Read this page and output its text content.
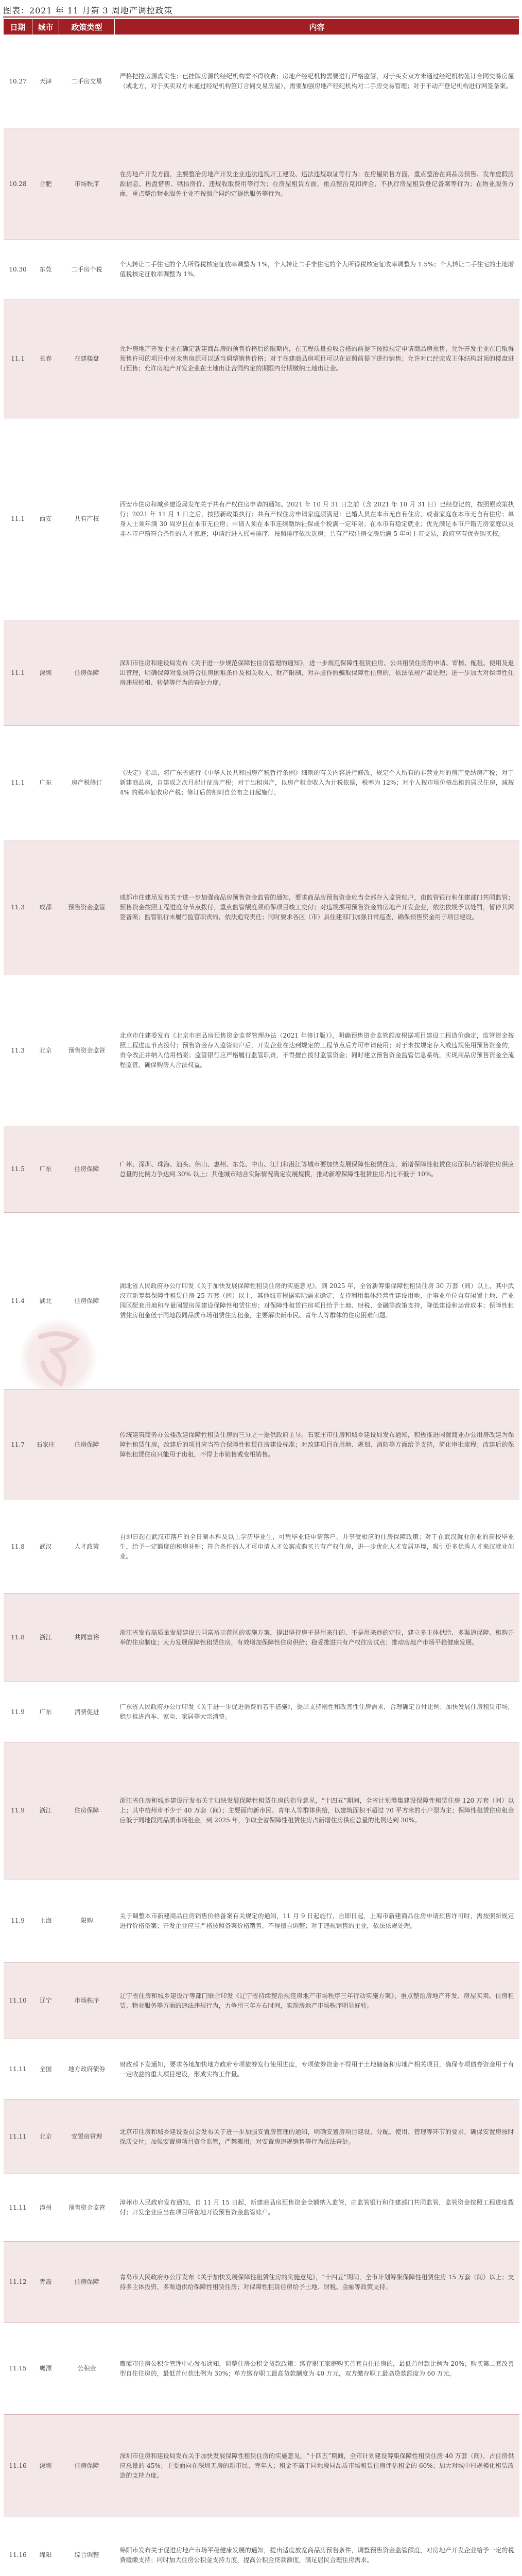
图表：2021 年 11 月第 3 周地产调控政策
日期	城市	政策类型	内容
10.27	天津	二手房交易	严格把控房源真实性；已挂牌房源的经纪机构需不得收费；房地产经纪机构需要进行严格监管，对于买卖双方未通过经纪机构签订合同交易房屋（或北方，对于买卖双方未通过经纪机构签订合同交易房屋），需要加强房地产经纪机构对二手房交易管理；对于不动产登记机构进行网签备案。
10.28	合肥	市场秩序	在房地产开发方面，主要整治房地产开发企业违法违规开工建设、违法违规取证等行为；在房屋销售方面，重点整治在商品房预售、发布虚假房源信息、捂盘惜售、哄抬房价、违规收取费用等行为；在房屋租赁方面，重点整治克扣押金、不执行房屋租赁登记备案等行为；在物业服务方面，重点整治物业服务企业不按照合同约定提供服务等行为。
10.30	东莞	二手房个税	个人转让二手住宅的个人所得税核定征收率调整为 1%，个人转让二手非住宅的个人所得税核定征收率调整为 1.5%；个人转让二手住宅的土地增值税核定征收率调整为 1%。
11.1	长春	在建楼盘	允许房地产开发企业在确定新建商品房的预售价格后的限期内，在工程质量验收合格的前提下按照规定申请商品房预售，允许开发企业在已取得预售许可的项目中对未售房源可以适当调整销售价格；对于在建商品房项目可以在证照前提下进行销售；允许对已经完成主体结构封顶的楼盘进行预售；允许房地产开发企业在土地出让合同约定的期限内分期缴纳土地出让金。
11.1	西安	共有产权	西安市住房和城乡建设局发布关于共有产权住房申请的通知。2021 年 10 月 31 日之前（含 2021 年 10 月 31 日）已经登记的，按照原政策执行；2021 年 11 月 1 日之后，按照新政策执行；共有产权住房申请家庭须满足：已婚人员在本市无自有住房，或者家庭在本市无自有住房；单身人士须年满 30 周岁且在本市无住房；申请人须在本市连续缴纳社保或个税满一定年限；在本市有稳定就业；优先满足本市户籍无房家庭以及非本市户籍符合条件的人才家庭；申请后进入摇号排序，按照排序依次选房；共有产权住房交房后满 5 年可上市交易，政府享有优先购买权。
11.1	深圳	住房保障	深圳市住房和建设局发布《关于进一步规范保障性住房管理的通知》，进一步规范保障性租赁住房、公共租赁住房的申请、审核、配租、使用及退出管理，明确保障对象须符合住房困难条件及相关收入、财产限制，对弄虚作假骗取保障性住房的，依法依规严肃处理；进一步加大对保障性住房违规转租、转借等行为的查处力度。
11.1	广东	房产税修订	《决定》指出，将广东省施行《中华人民共和国房产税暂行条例》细则的有关内容进行修改，规定个人所有的非营业用的房产免纳房产税；对于新建商品房，自建成之次月起计征房产税；对于出租房产，以房产租金收入为计税依据，税率为 12%；对个人按市场价格出租的居民住房，减按 4% 的税率征收房产税；修订后的细则自公布之日起施行。
11.3	成都	预售资金监管	成都市住建局发布关于进一步加强商品房预售资金监管的通知，要求商品房预售资金应当全部存入监管账户，由监管银行和住建部门共同监管；预售资金按照工程进度分节点拨付，重点监管额度须确保项目竣工交付；对违规挪用预售资金的房地产开发企业，依法依规予以处罚，暂停其网签备案；监管银行未履行监管职责的，依法追究责任；同时要求各区（市）县住建部门加强日常巡查，确保预售资金用于项目建设。
11.3	北京	预售资金监管	北京市住建委发布《北京市商品房预售资金监督管理办法（2021 年修订版）》，明确预售资金监管额度根据项目建设工程造价确定，监管资金按照工程进度节点拨付；预售资金存入监管账户后，开发企业在达到规定的工程节点后方可申请使用；对于未按规定存入或违规使用预售资金的，责令改正并纳入信用档案；监管银行应严格履行监管职责，不得擅自拨付监管资金；同时建立预售资金监管信息系统，实现商品房预售资金全流程监管，确保购房人合法权益。
11.5	广东	住房保障	广州、深圳、珠海、汕头、佛山、惠州、东莞、中山、江门和湛江等城市要加快发展保障性租赁住房，新增保障性租赁住房面积占新增住房供应总量的比例力争达到 30% 以上；其他城市结合实际情况确定发展规模，推动新增保障性租赁住房占比不低于 10%。
11.4	湖北	住房保障	湖北省人民政府办公厅印发《关于加快发展保障性租赁住房的实施意见》。到 2025 年，全省新筹集保障性租赁住房 30 万套（间）以上，其中武汉市新筹集保障性租赁住房 25 万套（间）以上，其他城市根据实际需求确定；支持利用集体经营性建设用地、企事业单位自有闲置土地、产业园区配套用地和存量闲置房屋建设保障性租赁住房；对保障性租赁住房项目给予土地、财税、金融等政策支持，降低建设和运营成本；保障性租赁住房租金低于同地段同品质市场租赁住房租金，主要解决新市民、青年人等群体的住房困难问题。
11.7	石家庄	住房保障	传统建筑商务办公楼改建保障性租赁住房的三分之一提供政府主导。石家庄市住房和城乡建设局发布通知，积极推进闲置商业办公用房改建为保障性租赁住房，改建后的项目应当符合保障性租赁住房建设标准；对改建项目在用地、规划、消防等方面给予支持，简化审批流程；改建后的保障性租赁住房只能用于出租，不得上市销售或变相销售。
11.8	武汉	人才政策	自即日起在武汉市落户的全日制本科及以上学历毕业生，可凭毕业证申请落户，并享受相应的住房保障政策；对于在武汉就业创业的高校毕业生，给予一定额度的租房补贴；符合条件的人才可申请人才公寓或购买共有产权住房，进一步优化人才安居环境，吸引更多优秀人才来汉就业创业。
11.8	浙江	共同富裕	浙江省发布高质量发展建设共同富裕示范区的实施方案，提出坚持房子是用来住的、不是用来炒的定位，建立多主体供给、多渠道保障、租购并举的住房制度；大力发展保障性租赁住房，有效增加保障性住房供给；稳妥推进共有产权住房试点；推动房地产市场平稳健康发展。
11.9	广东	消费促进	广东省人民政府办公厅印发《关于进一步促进消费的若干措施》，提出支持刚性和改善性住房需求，合理确定首付比例；加快发展住房租赁市场，稳步推进汽车、家电、家居等大宗消费。
11.9	浙江	住房保障	浙江省住房和城乡建设厅发布关于加快发展保障性租赁住房的指导意见，“十四五”期间，全省计划筹集建设保障性租赁住房 120 万套（间）以上；其中杭州市不少于 40 万套（间）；主要面向新市民、青年人等群体供给，以建筑面积不超过 70 平方米的小户型为主；保障性租赁住房租金应低于同地段同品质市场租金，到 2025 年，争取全省保障性租赁住房占新增住房供应总量的比例达到 30%。
11.9	上海	限购	关于调整本市新建商品住房销售价格备案有关规定的通知，11 月 9 日起施行，自即日起，上海市新建商品住房申请预售许可时，需按照新规定进行价格备案；开发企业应当严格按照备案价格销售，不得擅自调整；对于违规销售的企业，依法依规处理。
11.10	辽宁	市场秩序	辽宁省住房和城乡建设厅等部门联合印发《辽宁省持续整治规范房地产市场秩序三年行动实施方案》，重点整治房地产开发、房屋买卖、住房租赁、物业服务等方面的违法违规行为，力争用三年左右时间，实现房地产市场秩序明显好转。
11.11	全国	地方政府债券	财政部下发通知，要求各地加快地方政府专项债券发行使用进度，专项债券资金不得用于土地储备和房地产相关项目，确保专项债券资金用于有一定收益的重大项目建设，形成实物工作量。
11.11	北京	安置房管理	北京市住房和城乡建设委员会发布关于进一步加强安置房管理的通知，明确安置房项目建设、分配、使用、管理等环节的要求，确保安置房按时保质交付；加强安置房项目资金监管，严禁挪用；对安置房违规销售等行为依法查处。
11.11	漳州	预售资金监管	漳州市人民政府发布通知，自 11 月 15 日起，新建商品房预售资金全额纳入监管，由监管银行和住建部门共同监管，监管资金按照工程进度拨付；开发企业应当在项目所在地开设预售资金监管账户。
11.12	青岛	住房保障	青岛市人民政府办公厅发布《关于加快发展保障性租赁住房的实施意见》，“十四五”期间，全市计划筹集保障性租赁住房 15 万套（间）以上；支持多主体投资、多渠道供给保障性租赁住房；对保障性租赁住房给予土地、财税、金融等政策支持。
11.15	鹰潭	公积金	鹰潭市住房公积金管理中心发布通知，调整住房公积金贷款政策：缴存职工家庭购买首套自住住房的，最低首付款比例为 20%；购买第二套改善型自住住房的，最低首付款比例为 30%；单方缴存职工最高贷款额度为 40 万元，双方缴存职工最高贷款额度为 60 万元。
11.16	深圳	住房保障	深圳市住房和建设局发布关于加快发展保障性租赁住房的实施意见，“十四五”期间，全市计划建设筹集保障性租赁住房 40 万套（间），占住房供应总量的 45%；主要面向在深圳无房的新市民、青年人；租金不高于同地段同品质市场租赁住房评估租金的 60%；加大对城中村规模化租赁改造的支持力度。
11.16	绵阳	综合调整	绵阳市发布关于促进房地产市场平稳健康发展的通知，提出适度放宽商品房预售条件，调整预售资金监管额度，对房地产开发企业给予一定的税费缓缴支持；同时加大住房公积金支持力度，提高公积金贷款额度，满足居民合理住房需求。
